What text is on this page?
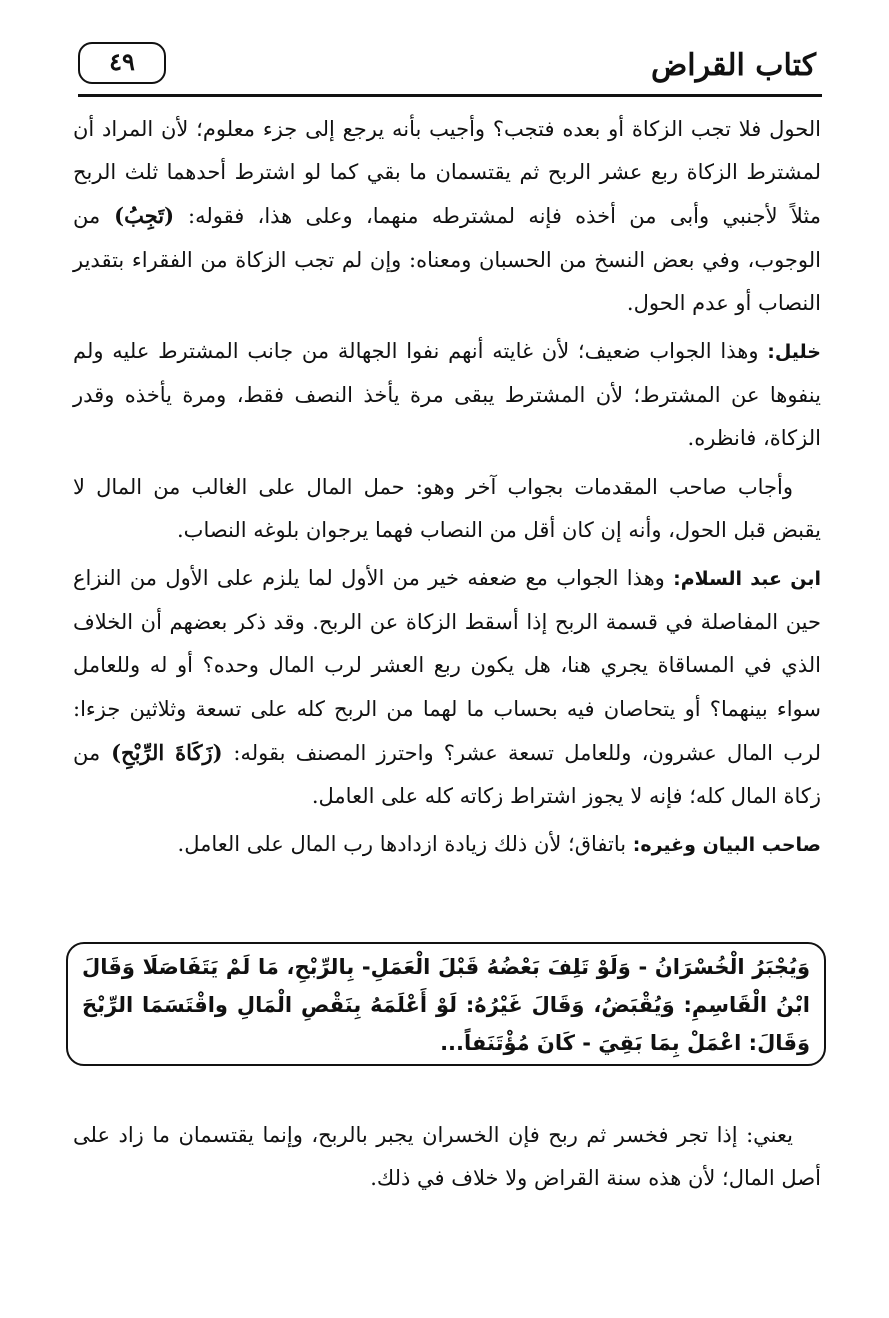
كتاب القراض
٤٩

الحول فلا تجب الزكاة أو بعده فتجب؟ وأجيب بأنه يرجع إلى جزء معلوم؛ لأن المراد أن لمشترط الزكاة ربع عشر الربح ثم يقتسمان ما بقي كما لو اشترط أحدهما ثلث الربح مثلاً لأجنبي وأبى من أخذه فإنه لمشترطه منهما، وعلى هذا، فقوله: (تَجِبُ) من الوجوب، وفي بعض النسخ من الحسبان ومعناه: وإن لم تجب الزكاة من الفقراء بتقدير النصاب أو عدم الحول.

خليل: وهذا الجواب ضعيف؛ لأن غايته أنهم نفوا الجهالة من جانب المشترط عليه ولم ينفوها عن المشترط؛ لأن المشترط يبقى مرة يأخذ النصف فقط، ومرة يأخذه وقدر الزكاة، فانظره.

وأجاب صاحب المقدمات بجواب آخر وهو: حمل المال على الغالب من المال لا يقبض قبل الحول، وأنه إن كان أقل من النصاب فهما يرجوان بلوغه النصاب.

ابن عبد السلام: وهذا الجواب مع ضعفه خير من الأول لما يلزم على الأول من النزاع حين المفاصلة في قسمة الربح إذا أسقط الزكاة عن الربح. وقد ذكر بعضهم أن الخلاف الذي في المساقاة يجري هنا، هل يكون ربع العشر لرب المال وحده؟ أو له وللعامل سواء بينهما؟ أو يتحاصان فيه بحساب ما لهما من الربح كله على تسعة وثلاثين جزءا: لرب المال عشرون، وللعامل تسعة عشر؟ واحترز المصنف بقوله: (زَكَاةَ الرِّبْحِ) من زكاة المال كله؛ فإنه لا يجوز اشتراط زكاته كله على العامل.

صاحب البيان وغيره: باتفاق؛ لأن ذلك زيادة ازدادها رب المال على العامل.

وَيُجْبَرُ الْخُسْرَانُ - وَلَوْ تَلِفَ بَعْضُهُ قَبْلَ الْعَمَلِ- بِالرِّبْحِ، مَا لَمْ يَتَفَاصَلَا وَقَالَ ابْنُ الْقَاسِمِ: وَيُقْبَضُ، وَقَالَ غَيْرُهُ: لَوْ أَعْلَمَهُ بِنَقْصِ الْمَالِ واقْتَسَمَا الرِّبْحَ وَقَالَ: اعْمَلْ بِمَا بَقِيَ - كَانَ مُؤْتَنَفاً...

يعني: إذا تجر فخسر ثم ربح فإن الخسران يجبر بالربح، وإنما يقتسمان ما زاد على أصل المال؛ لأن هذه سنة القراض ولا خلاف في ذلك.
